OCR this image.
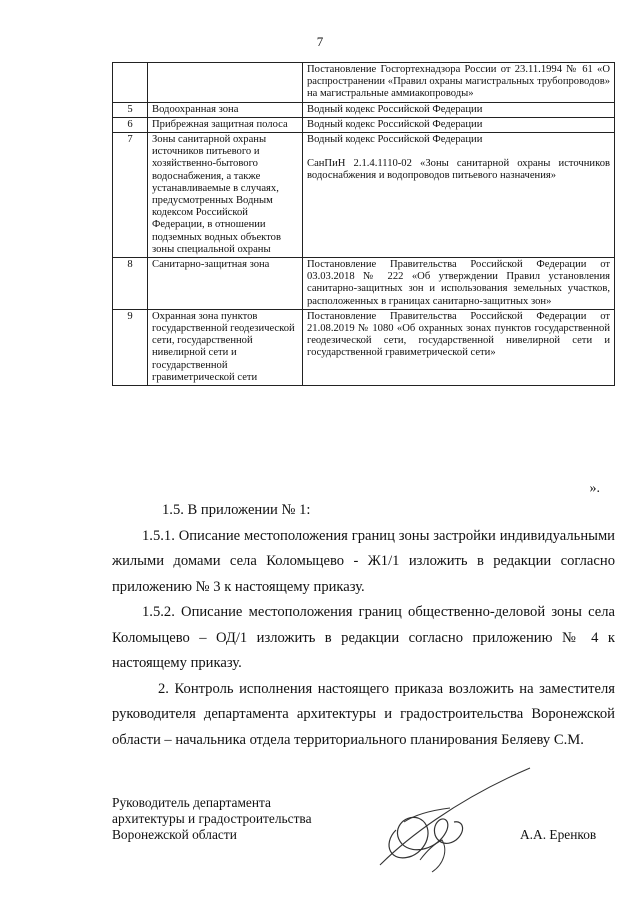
7

		Постановление Госгортехнадзора России от 23.11.1994 № 61 «О распространении «Правил охраны магистральных трубопроводов» на магистральные аммиакопроводы»

5	Водоохранная зона	Водный кодекс Российской Федерации

6	Прибрежная защитная полоса	Водный кодекс Российской Федерации

7	Зоны санитарной охраны источников питьевого и хозяйственно-бытового водоснабжения, а также устанавливаемые в случаях, предусмотренных Водным кодексом Российской Федерации, в отношении подземных водных объектов зоны специальной охраны	Водный кодекс Российской Федерации

СанПиН 2.1.4.1110-02 «Зоны санитарной охраны источников водоснабжения и водопроводов питьевого назначения»

8	Санитарно-защитная зона	Постановление Правительства Российской Федерации от 03.03.2018 № 222 «Об утверждении Правил установления санитарно-защитных зон и использования земельных участков, расположенных в границах санитарно-защитных зон»

9	Охранная зона пунктов государственной геодезической сети, государственной нивелирной сети и государственной гравиметрической сети	Постановление Правительства Российской Федерации от 21.08.2019 № 1080 «Об охранных зонах пунктов государственной геодезической сети, государственной нивелирной сети и государственной гравиметрической сети»

».

1.5. В приложении № 1:

1.5.1. Описание местоположения границ зоны застройки индивидуальными жилыми домами села Коломыцево - Ж1/1 изложить в редакции согласно приложению № 3 к настоящему приказу.

1.5.2. Описание местоположения границ общественно-деловой зоны села Коломыцево – ОД/1 изложить в редакции согласно приложению № 4 к настоящему приказу.

2. Контроль исполнения настоящего приказа возложить на заместителя руководителя департамента архитектуры и градостроительства Воронежской области – начальника отдела территориального планирования Беляеву С.М.

Руководитель департамента
архитектуры и градостроительства
Воронежской области	А.А. Еренков
